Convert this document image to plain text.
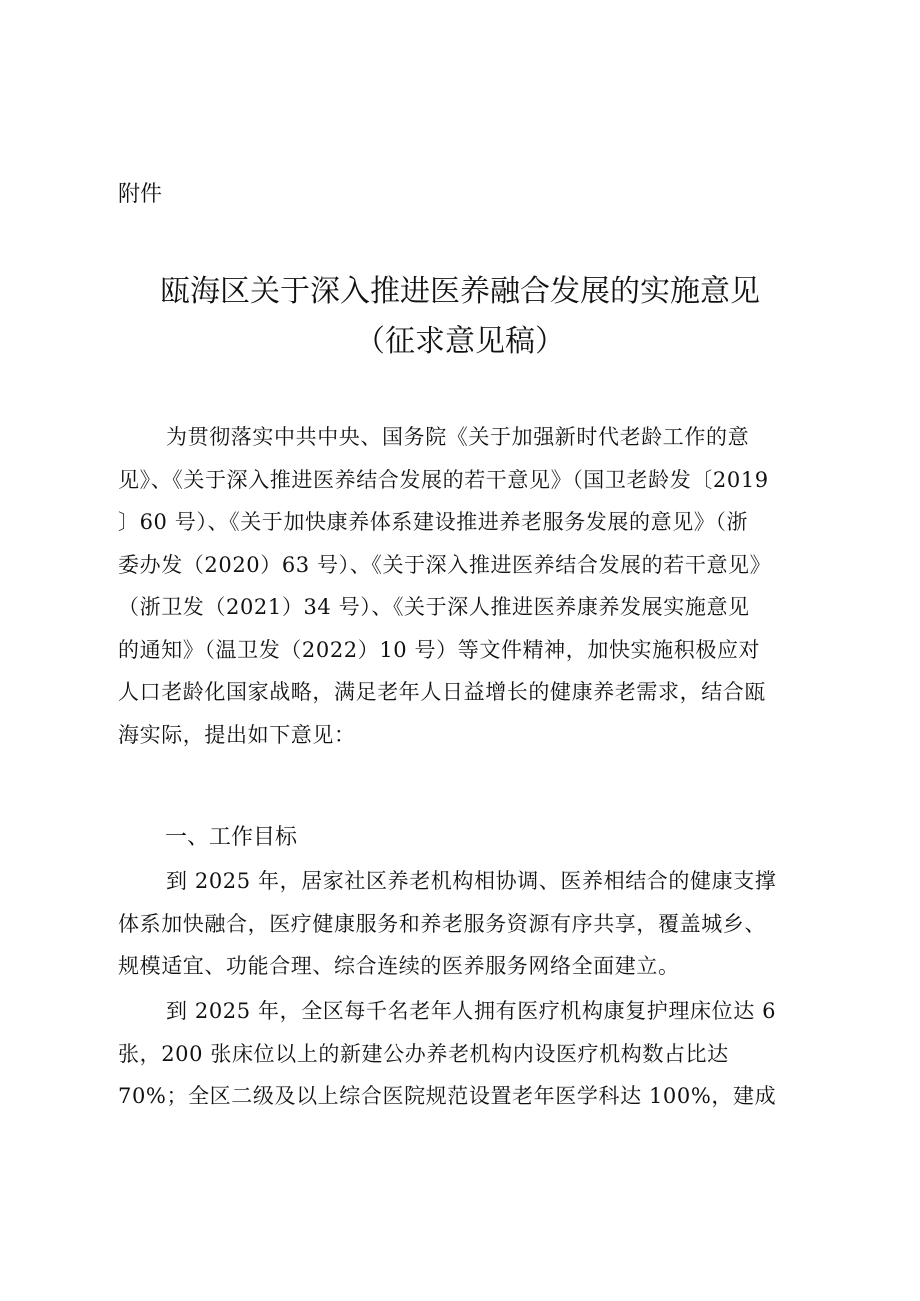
附件
瓯海区关于深入推进医养融合发展的实施意见
（征求意见稿）
为贯彻落实中共中央、国务院《关于加强新时代老龄工作的意
见》、《关于深入推进医养结合发展的若干意见》（国卫老龄发〔2019
〕60 号）、《关于加快康养体系建设推进养老服务发展的意见》（浙
委办发（2020）63 号）、《关于深入推进医养结合发展的若干意见》
（浙卫发（2021）34 号）、《关于深人推进医养康养发展实施意见
的通知》（温卫发（2022）10 号）等文件精神，加快实施积极应对
人口老龄化国家战略，满足老年人日益增长的健康养老需求，结合瓯
海实际，提出如下意见：
一、工作目标
到 2025 年，居家社区养老机构相协调、医养相结合的健康支撑
体系加快融合，医疗健康服务和养老服务资源有序共享，覆盖城乡、
规模适宜、功能合理、综合连续的医养服务网络全面建立。
到 2025 年，全区每千名老年人拥有医疗机构康复护理床位达 6
张，200 张床位以上的新建公办养老机构内设医疗机构数占比达
70%；全区二级及以上综合医院规范设置老年医学科达 100%，建成
